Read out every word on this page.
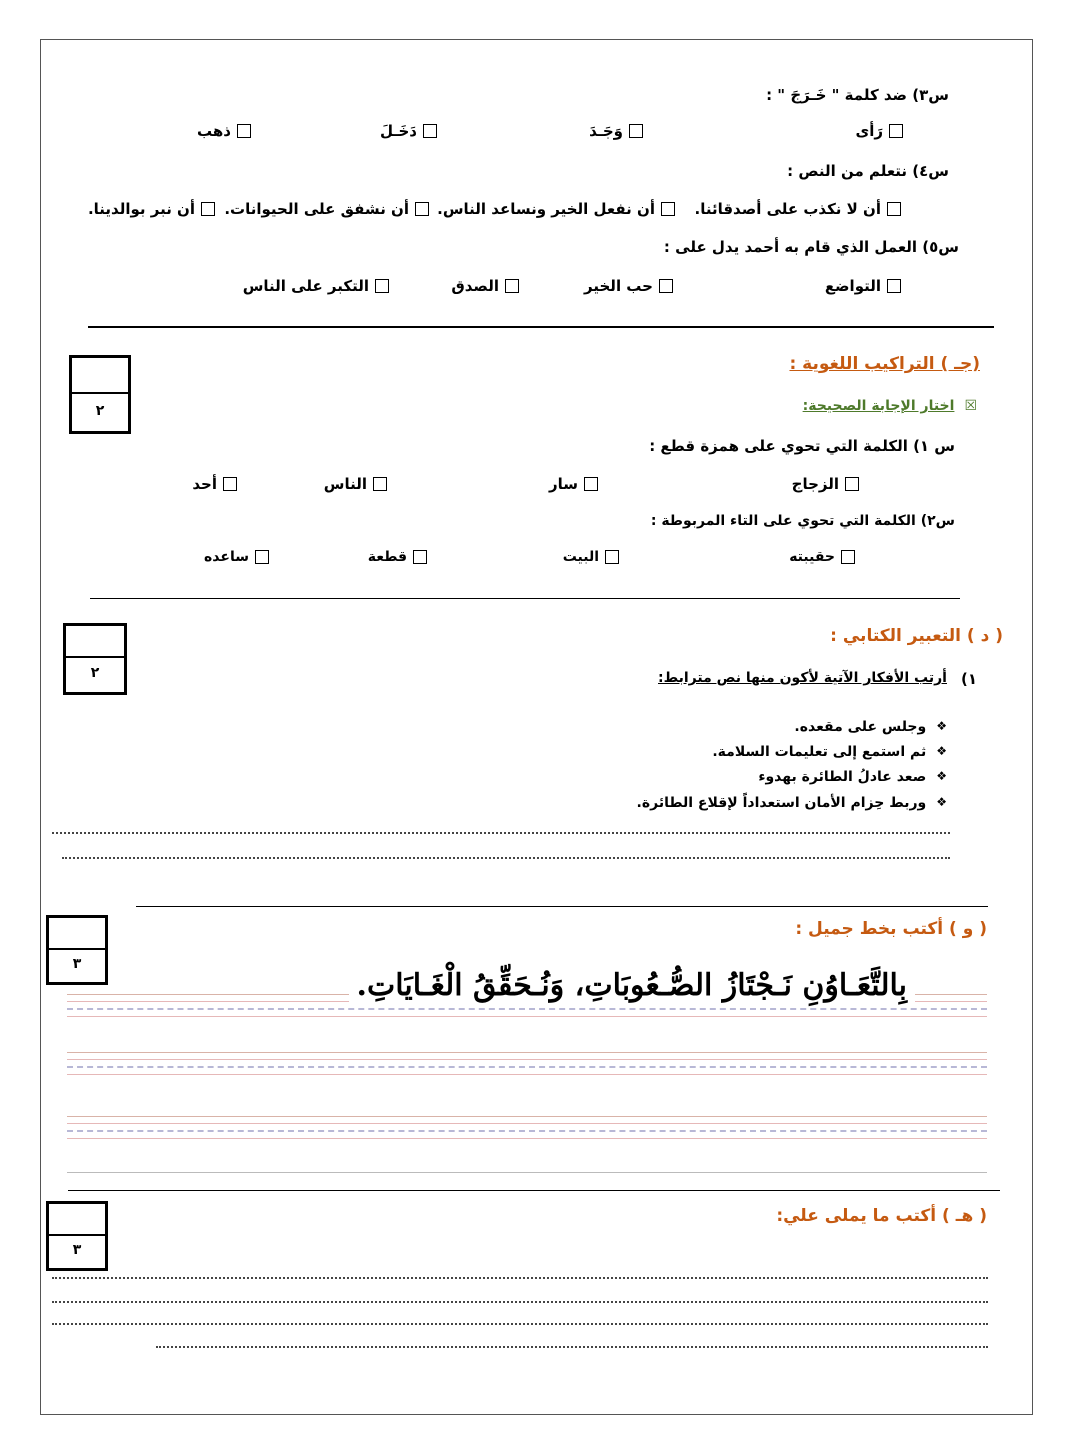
س٣) ضد كلمة " خَـرَجَ " :
رَأى
وَجَـدَ
دَخَـلَ
ذهب
س٤) نتعلم من النص :
أن لا نكذب على أصدقائنا.
أن نفعل الخير ونساعد الناس.
أن نشفق على الحيوانات.
أن نبر بوالدينا.
س٥) العمل الذي قام به أحمد يدل على :
التواضع
حب الخير
الصدق
التكبر على الناس
٢
(جـ ) التراكيب اللغوية :
☒
اختار الإجابة الصحيحة:
س ١) الكلمة التي تحوي على همزة قطع :
الزجاج
سار
الناس
أحد
س٢) الكلمة التي تحوي على التاء المربوطة :
حقيبته
البيت
قطعة
ساعده
٢
( د ) التعبير الكتابي :
١)
أرتب الأفكار الآتية لأكون منها نص مترابط:
❖
وجلس على مقعده.
❖
ثم استمع إلى تعليمات السلامة.
❖
صعد عادلُ الطائرة بهدوء
❖
وربط حِزام الأمان استعداداً لإقلاع الطائرة.
٣
( و ) أكتب بخط جميل :
بِالتَّعَـاوُنِ نَـجْتَازُ الصُّـعُوبَاتِ، وَنُـحَقِّقُ الْغَـايَاتِ.
٣
( هـ ) أكتب ما يملى علي:
